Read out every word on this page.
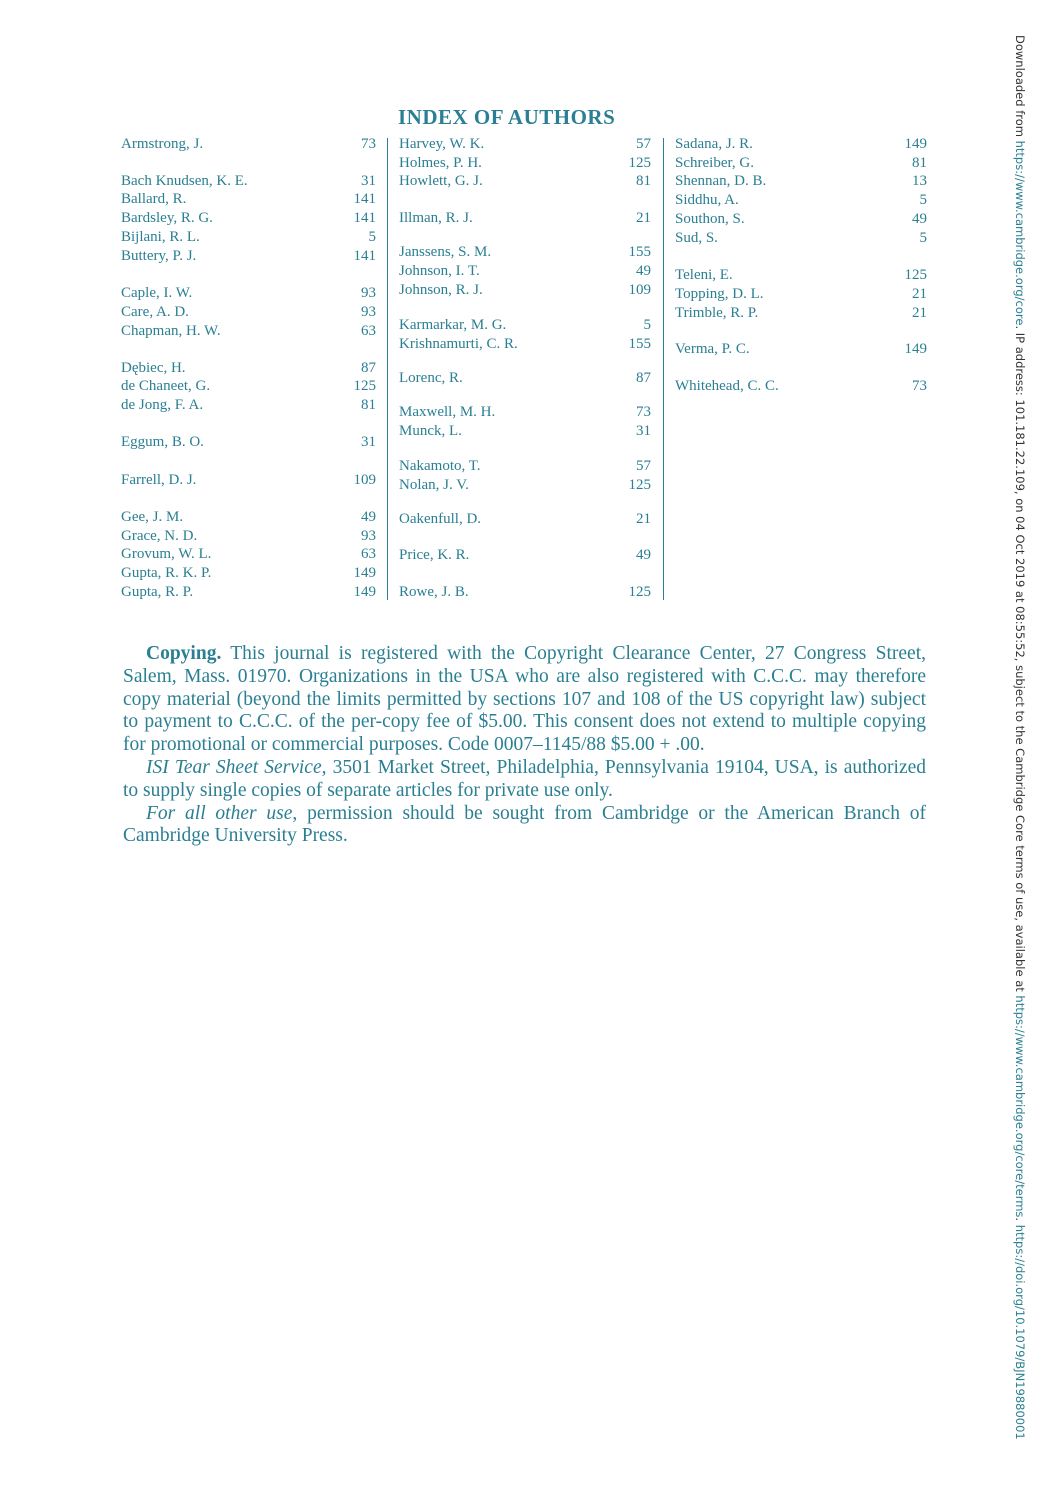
INDEX OF AUTHORS
Armstrong, J.	73
Bach Knudsen, K. E.	31
Ballard, R.	141
Bardsley, R. G.	141
Bijlani, R. L.	5
Buttery, P. J.	141
Caple, I. W.	93
Care, A. D.	93
Chapman, H. W.	63
Dębiec, H.	87
de Chaneet, G.	125
de Jong, F. A.	81
Eggum, B. O.	31
Farrell, D. J.	109
Gee, J. M.	49
Grace, N. D.	93
Grovum, W. L.	63
Gupta, R. K. P.	149
Gupta, R. P.	149
Harvey, W. K.	57
Holmes, P. H.	125
Howlett, G. J.	81
Illman, R. J.	21
Janssens, S. M.	155
Johnson, I. T.	49
Johnson, R. J.	109
Karmarkar, M. G.	5
Krishnamurti, C. R.	155
Lorenc, R.	87
Maxwell, M. H.	73
Munck, L.	31
Nakamoto, T.	57
Nolan, J. V.	125
Oakenfull, D.	21
Price, K. R.	49
Rowe, J. B.	125
Sadana, J. R.	149
Schreiber, G.	81
Shennan, D. B.	13
Siddhu, A.	5
Southon, S.	49
Sud, S.	5
Teleni, E.	125
Topping, D. L.	21
Trimble, R. P.	21
Verma, P. C.	149
Whitehead, C. C.	73

Copying. This journal is registered with the Copyright Clearance Center, 27 Congress Street, Salem, Mass. 01970. Organizations in the USA who are also registered with C.C.C. may therefore copy material (beyond the limits permitted by sections 107 and 108 of the US copyright law) subject to payment to C.C.C. of the per-copy fee of $5.00. This consent does not extend to multiple copying for promotional or commercial purposes. Code 0007–1145/88 $5.00 + .00.

ISI Tear Sheet Service, 3501 Market Street, Philadelphia, Pennsylvania 19104, USA, is authorized to supply single copies of separate articles for private use only.

For all other use, permission should be sought from Cambridge or the American Branch of Cambridge University Press.

Downloaded from https://www.cambridge.org/core. IP address: 101.181.22.109, on 04 Oct 2019 at 08:55:52, subject to the Cambridge Core terms of use, available at https://www.cambridge.org/core/terms. https://doi.org/10.1079/BJN19880001
